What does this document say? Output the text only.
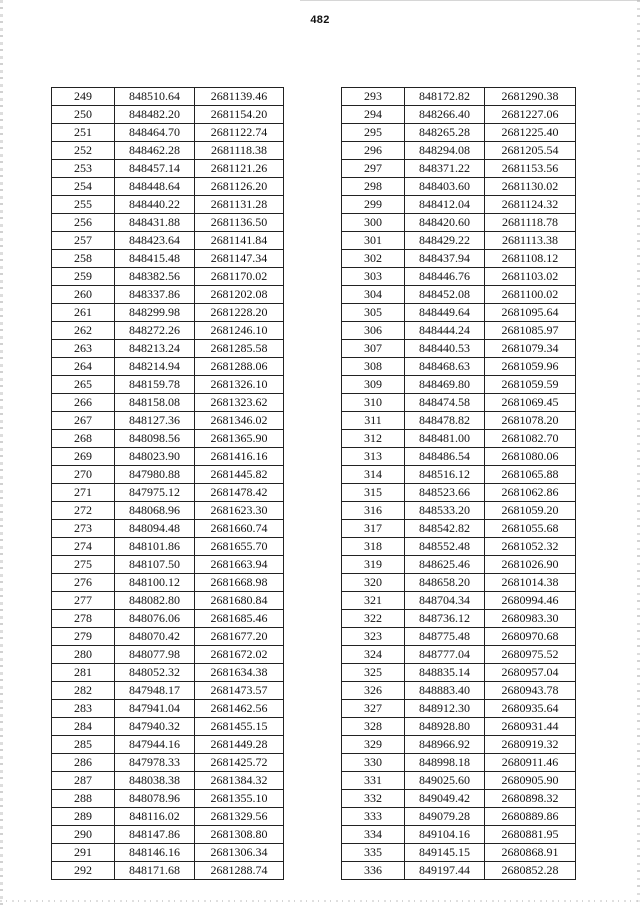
482
249	848510.64	2681139.46
250	848482.20	2681154.20
251	848464.70	2681122.74
252	848462.28	2681118.38
253	848457.14	2681121.26
254	848448.64	2681126.20
255	848440.22	2681131.28
256	848431.88	2681136.50
257	848423.64	2681141.84
258	848415.48	2681147.34
259	848382.56	2681170.02
260	848337.86	2681202.08
261	848299.98	2681228.20
262	848272.26	2681246.10
263	848213.24	2681285.58
264	848214.94	2681288.06
265	848159.78	2681326.10
266	848158.08	2681323.62
267	848127.36	2681346.02
268	848098.56	2681365.90
269	848023.90	2681416.16
270	847980.88	2681445.82
271	847975.12	2681478.42
272	848068.96	2681623.30
273	848094.48	2681660.74
274	848101.86	2681655.70
275	848107.50	2681663.94
276	848100.12	2681668.98
277	848082.80	2681680.84
278	848076.06	2681685.46
279	848070.42	2681677.20
280	848077.98	2681672.02
281	848052.32	2681634.38
282	847948.17	2681473.57
283	847941.04	2681462.56
284	847940.32	2681455.15
285	847944.16	2681449.28
286	847978.33	2681425.72
287	848038.38	2681384.32
288	848078.96	2681355.10
289	848116.02	2681329.56
290	848147.86	2681308.80
291	848146.16	2681306.34
292	848171.68	2681288.74
293	848172.82	2681290.38
294	848266.40	2681227.06
295	848265.28	2681225.40
296	848294.08	2681205.54
297	848371.22	2681153.56
298	848403.60	2681130.02
299	848412.04	2681124.32
300	848420.60	2681118.78
301	848429.22	2681113.38
302	848437.94	2681108.12
303	848446.76	2681103.02
304	848452.08	2681100.02
305	848449.64	2681095.64
306	848444.24	2681085.97
307	848440.53	2681079.34
308	848468.63	2681059.96
309	848469.80	2681059.59
310	848474.58	2681069.45
311	848478.82	2681078.20
312	848481.00	2681082.70
313	848486.54	2681080.06
314	848516.12	2681065.88
315	848523.66	2681062.86
316	848533.20	2681059.20
317	848542.82	2681055.68
318	848552.48	2681052.32
319	848625.46	2681026.90
320	848658.20	2681014.38
321	848704.34	2680994.46
322	848736.12	2680983.30
323	848775.48	2680970.68
324	848777.04	2680975.52
325	848835.14	2680957.04
326	848883.40	2680943.78
327	848912.30	2680935.64
328	848928.80	2680931.44
329	848966.92	2680919.32
330	848998.18	2680911.46
331	849025.60	2680905.90
332	849049.42	2680898.32
333	849079.28	2680889.86
334	849104.16	2680881.95
335	849145.15	2680868.91
336	849197.44	2680852.28
